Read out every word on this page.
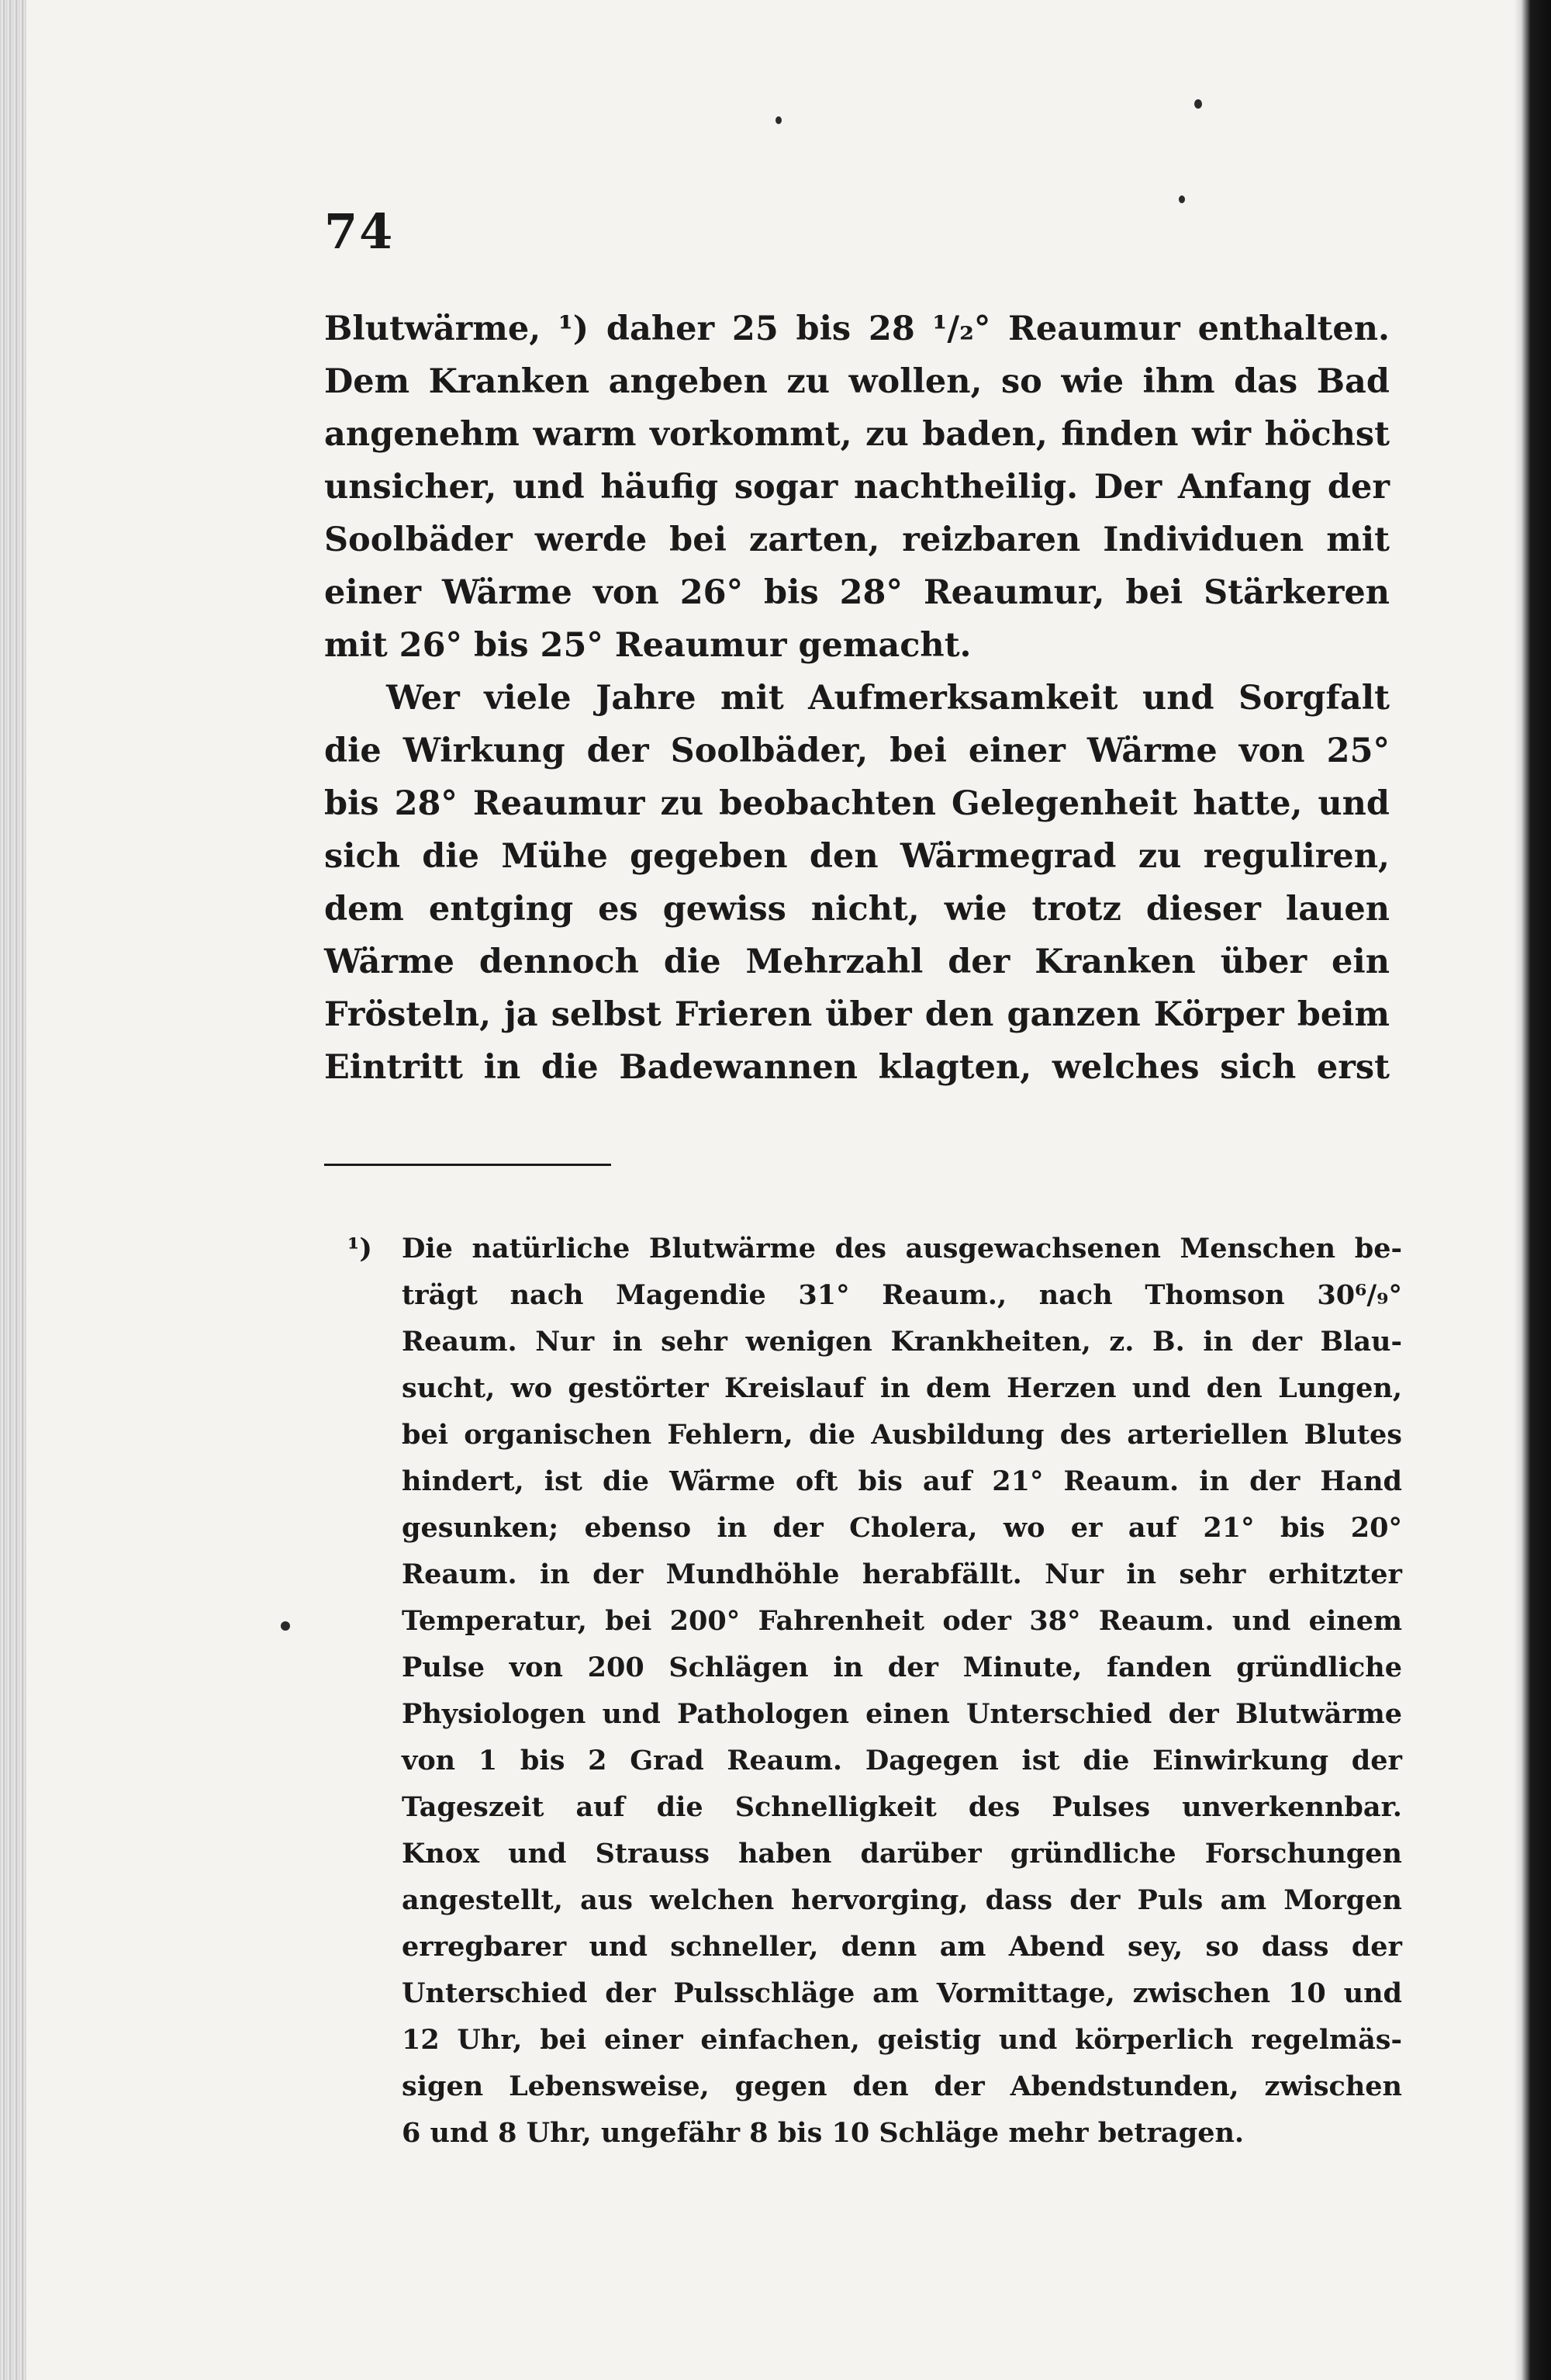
74
Blutwärme, ¹) daher 25 bis 28 ¹/₂° Reaumur enthalten.
Dem Kranken angeben zu wollen, so wie ihm das Bad
angenehm warm vorkommt, zu baden, finden wir höchst
unsicher, und häufig sogar nachtheilig. Der Anfang der
Soolbäder werde bei zarten, reizbaren Individuen mit
einer Wärme von 26° bis 28° Reaumur, bei Stärkeren
mit 26° bis 25° Reaumur gemacht.
Wer viele Jahre mit Aufmerksamkeit und Sorgfalt
die Wirkung der Soolbäder, bei einer Wärme von 25°
bis 28° Reaumur zu beobachten Gelegenheit hatte, und
sich die Mühe gegeben den Wärmegrad zu reguliren,
dem entging es gewiss nicht, wie trotz dieser lauen
Wärme dennoch die Mehrzahl der Kranken über ein
Frösteln, ja selbst Frieren über den ganzen Körper beim
Eintritt in die Badewannen klagten, welches sich erst
¹) Die natürliche Blutwärme des ausgewachsenen Menschen be-
trägt nach Magendie 31° Reaum., nach Thomson 30⁶/₉°
Reaum. Nur in sehr wenigen Krankheiten, z. B. in der Blau-
sucht, wo gestörter Kreislauf in dem Herzen und den Lungen,
bei organischen Fehlern, die Ausbildung des arteriellen Blutes
hindert, ist die Wärme oft bis auf 21° Reaum. in der Hand
gesunken; ebenso in der Cholera, wo er auf 21° bis 20°
Reaum. in der Mundhöhle herabfällt. Nur in sehr erhitzter
Temperatur, bei 200° Fahrenheit oder 38° Reaum. und einem
Pulse von 200 Schlägen in der Minute, fanden gründliche
Physiologen und Pathologen einen Unterschied der Blutwärme
von 1 bis 2 Grad Reaum. Dagegen ist die Einwirkung der
Tageszeit auf die Schnelligkeit des Pulses unverkennbar.
Knox und Strauss haben darüber gründliche Forschungen
angestellt, aus welchen hervorging, dass der Puls am Morgen
erregbarer und schneller, denn am Abend sey, so dass der
Unterschied der Pulsschläge am Vormittage, zwischen 10 und
12 Uhr, bei einer einfachen, geistig und körperlich regelmäs-
sigen Lebensweise, gegen den der Abendstunden, zwischen
6 und 8 Uhr, ungefähr 8 bis 10 Schläge mehr betragen.
